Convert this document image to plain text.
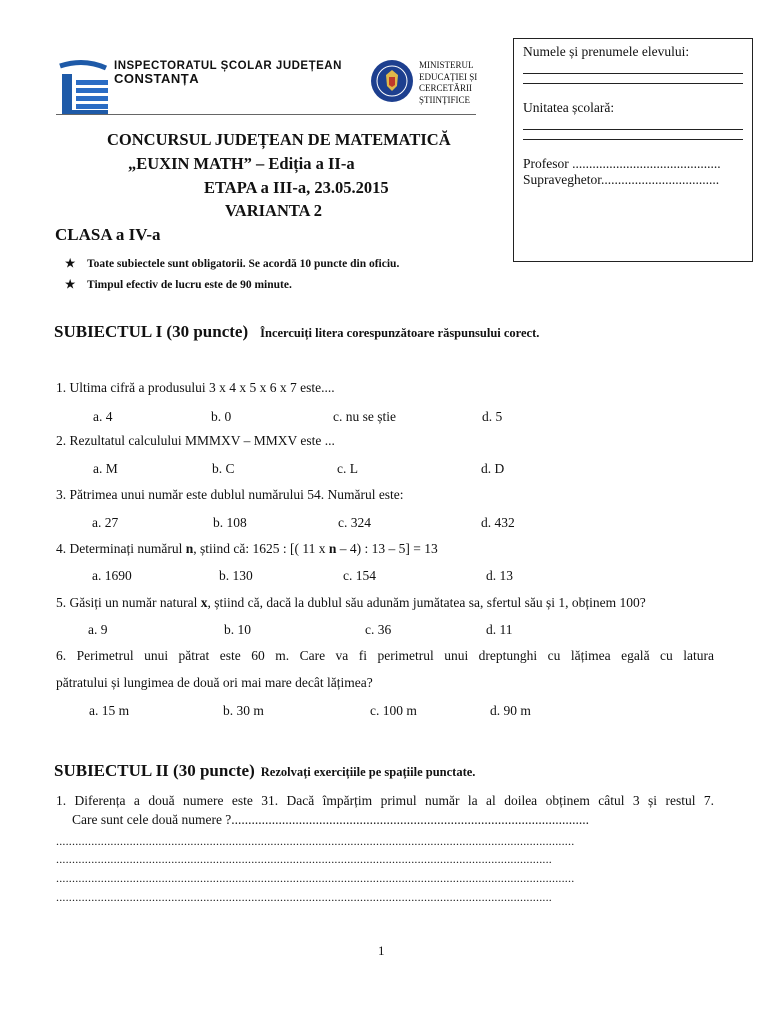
INSPECTORATUL ȘCOLAR JUDEȚEAN
CONSTANȚA
MINISTERUL
EDUCAȚIEI ȘI
CERCETĂRII
ȘTIINȚIFICE
Numele și prenumele elevului:
Unitatea școlară:
Profesor ............................................
Supraveghetor...................................
CONCURSUL JUDEȚEAN DE MATEMATICĂ
„EUXIN MATH” – Ediția a II-a
ETAPA a III-a, 23.05.2015
VARIANTA 2
CLASA a IV-a
★ Toate subiectele sunt obligatorii. Se acordă 10 puncte din oficiu.
★ Timpul efectiv de lucru este de 90 minute.
SUBIECTUL I (30 puncte) Încercuiți litera corespunzătoare răspunsului corect.
1. Ultima cifră a produsului 3 x 4 x 5 x 6 x 7 este....
a. 4	b. 0	c. nu se știe	d. 5
2. Rezultatul calculului MMMXV – MMXV este ...
a. M	b. C	c. L	d. D
3. Pătrimea unui număr este dublul numărului 54. Numărul este:
a. 27	b. 108	c. 324	d. 432
4. Determinați numărul n, știind că: 1625 : [( 11 x n – 4) : 13 – 5] = 13
a. 1690	b. 130	c. 154	d. 13
5. Găsiți un număr natural x, știind că, dacă la dublul său adunăm jumătatea sa, sfertul său și 1, obținem 100?
a. 9	b. 10	c. 36	d. 11
6. Perimetrul unui pătrat este 60 m. Care va fi perimetrul unui dreptunghi cu lățimea egală cu latura
pătratului și lungimea de două ori mai mare decât lățimea?
a. 15 m	b. 30 m	c. 100 m	d. 90 m
SUBIECTUL II (30 puncte) Rezolvați exercițiile pe spațiile punctate.
1. Diferența a două numere este 31. Dacă împărțim primul număr la al doilea obținem câtul 3 și restul 7.
Care sunt cele două numere ?..........................................................................................................
..................................................................................................................................................................
...........................................................................................................................................................
..................................................................................................................................................................
...........................................................................................................................................................
1
